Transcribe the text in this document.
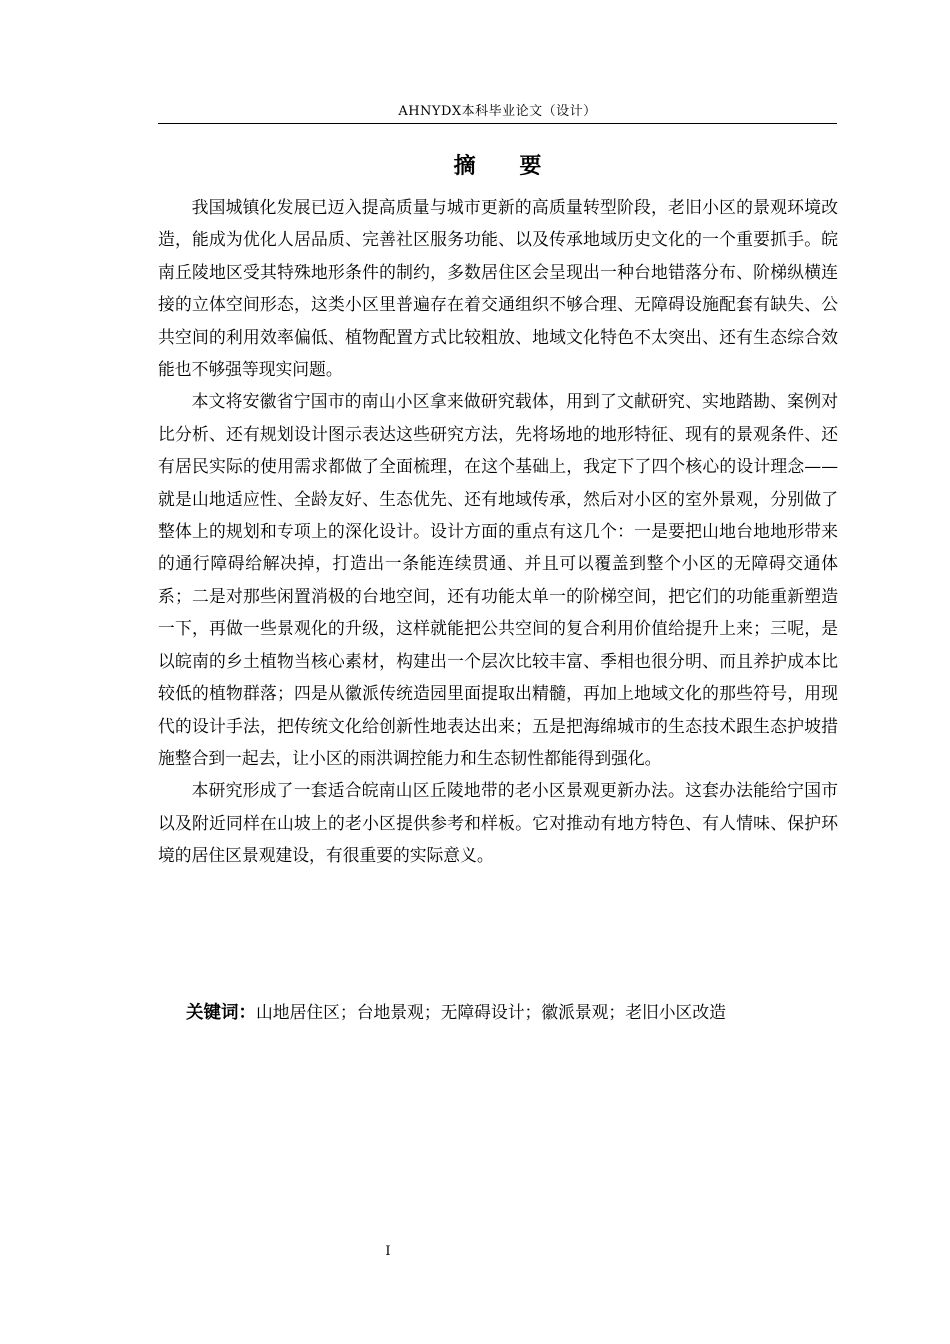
AHNYDX本科毕业论文（设计）
摘 要

我国城镇化发展已迈入提高质量与城市更新的高质量转型阶段，老旧小区的景观环境改造，能成为优化人居品质、完善社区服务功能、以及传承地域历史文化的一个重要抓手。皖南丘陵地区受其特殊地形条件的制约，多数居住区会呈现出一种台地错落分布、阶梯纵横连接的立体空间形态，这类小区里普遍存在着交通组织不够合理、无障碍设施配套有缺失、公共空间的利用效率偏低、植物配置方式比较粗放、地域文化特色不太突出、还有生态综合效能也不够强等现实问题。

本文将安徽省宁国市的南山小区拿来做研究载体，用到了文献研究、实地踏勘、案例对比分析、还有规划设计图示表达这些研究方法，先将场地的地形特征、现有的景观条件、还有居民实际的使用需求都做了全面梳理，在这个基础上，我定下了四个核心的设计理念——就是山地适应性、全龄友好、生态优先、还有地域传承，然后对小区的室外景观，分别做了整体上的规划和专项上的深化设计。设计方面的重点有这几个：一是要把山地台地地形带来的通行障碍给解决掉，打造出一条能连续贯通、并且可以覆盖到整个小区的无障碍交通体系；二是对那些闲置消极的台地空间，还有功能太单一的阶梯空间，把它们的功能重新塑造一下，再做一些景观化的升级，这样就能把公共空间的复合利用价值给提升上来；三呢，是以皖南的乡土植物当核心素材，构建出一个层次比较丰富、季相也很分明、而且养护成本比较低的植物群落；四是从徽派传统造园里面提取出精髓，再加上地域文化的那些符号，用现代的设计手法，把传统文化给创新性地表达出来；五是把海绵城市的生态技术跟生态护坡措施整合到一起去，让小区的雨洪调控能力和生态韧性都能得到强化。

本研究形成了一套适合皖南山区丘陵地带的老小区景观更新办法。这套办法能给宁国市以及附近同样在山坡上的老小区提供参考和样板。它对推动有地方特色、有人情味、保护环境的居住区景观建设，有很重要的实际意义。

关键词：山地居住区；台地景观；无障碍设计；徽派景观；老旧小区改造
I
